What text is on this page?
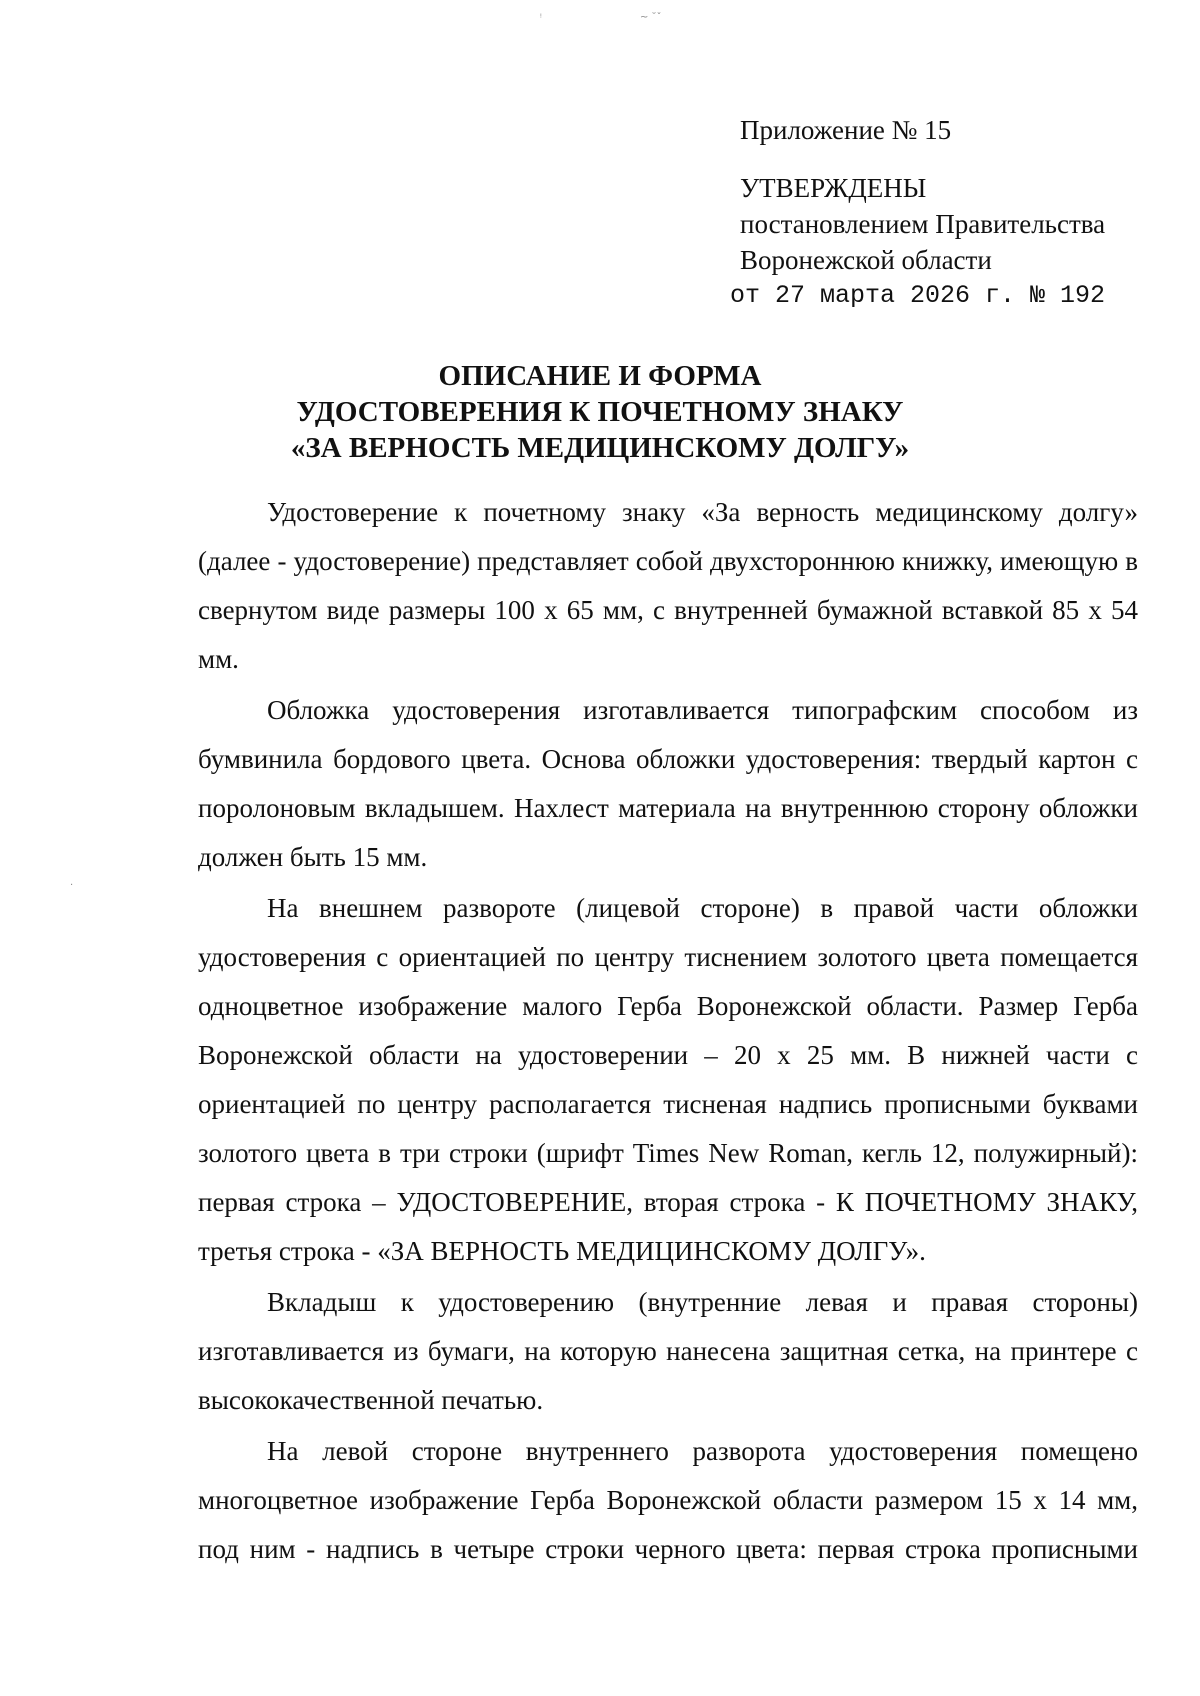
ᵎ	~ ˘ˇ
·
Приложение № 15
УТВЕРЖДЕНЫ
постановлением Правительства
Воронежской области
от 27 марта 2026 г. № 192
ОПИСАНИЕ И ФОРМА
УДОСТОВЕРЕНИЯ К ПОЧЕТНОМУ ЗНАКУ
«ЗА ВЕРНОСТЬ МЕДИЦИНСКОМУ ДОЛГУ»

Удостоверение к почетному знаку «За верность медицинскому долгу» (далее - удостоверение) представляет собой двухстороннюю книжку, имеющую в свернутом виде размеры 100 х 65 мм, с внутренней бумажной вставкой 85 х 54 мм.

Обложка удостоверения изготавливается типографским способом из бумвинила бордового цвета. Основа обложки удостоверения: твердый картон с поролоновым вкладышем. Нахлест материала на внутреннюю сторону обложки должен быть 15 мм.

На внешнем развороте (лицевой стороне) в правой части обложки удостоверения с ориентацией по центру тиснением золотого цвета помещается одноцветное изображение малого Герба Воронежской области. Размер Герба Воронежской области на удостоверении – 20 х 25 мм. В нижней части с ориентацией по центру располагается тисненая надпись прописными буквами золотого цвета в три строки (шрифт Times New Roman, кегль 12, полужирный): первая строка – УДОСТОВЕРЕНИЕ, вторая строка - К ПОЧЕТНОМУ ЗНАКУ, третья строка - «ЗА ВЕРНОСТЬ МЕДИЦИНСКОМУ ДОЛГУ».

Вкладыш к удостоверению (внутренние левая и правая стороны) изготавливается из бумаги, на которую нанесена защитная сетка, на принтере с высококачественной печатью.

На левой стороне внутреннего разворота удостоверения помещено многоцветное изображение Герба Воронежской области размером 15 х 14 мм, под ним - надпись в четыре строки черного цвета: первая строка прописными
